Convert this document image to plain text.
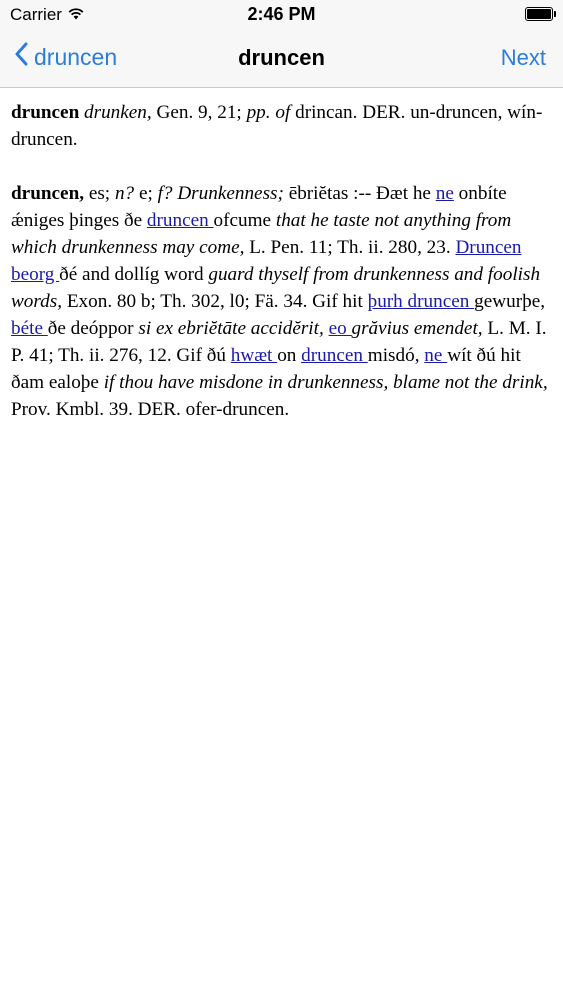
Carrier	2:46 PM
druncen	druncen	Next

druncen drunken, Gen. 9, 21; pp. of drincan. DER. un-druncen, wín-druncen.

druncen, es; n? e; f? Drunkenness; ēbriĕtas :-- Ðæt he ne onbíte ǽniges þinges ðe druncen ofcume that he taste not anything from which drunkenness may come, L. Pen. 11; Th. ii. 280, 23. Druncen beorg ðé and dollíg word guard thyself from drunkenness and foolish words, Exon. 80 b; Th. 302, l0; Fä. 34. Gif hit þurh druncen gewurþe, béte ðe deóppor si ex ebriĕtāte accidĕrit, eo grăvius emendet, L. M. I. P. 41; Th. ii. 276, 12. Gif ðú hwæt on druncen misdó, ne wít ðú hit ðam ealoþe if thou have misdone in drunkenness, blame not the drink, Prov. Kmbl. 39. DER. ofer-druncen.
